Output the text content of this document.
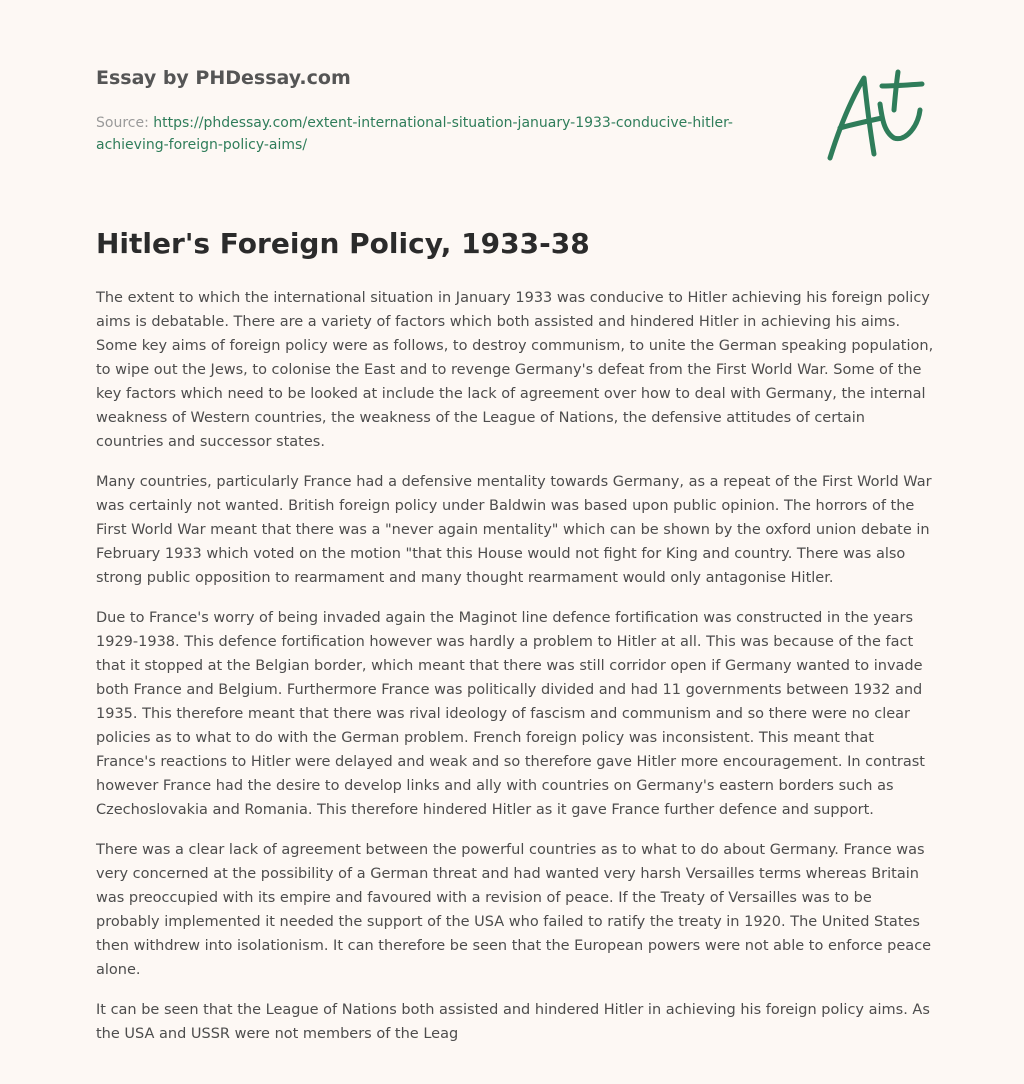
Essay by PHDessay.com
Source: https://phdessay.com/extent-international-situation-january-1933-conducive-hitler-achieving-foreign-policy-aims/
Hitler's Foreign Policy, 1933-38

The extent to which the international situation in January 1933 was conducive to Hitler achieving his foreign policy aims is debatable. There are a variety of factors which both assisted and hindered Hitler in achieving his aims. Some key aims of foreign policy were as follows, to destroy communism, to unite the German speaking population, to wipe out the Jews, to colonise the East and to revenge Germany's defeat from the First World War. Some of the key factors which need to be looked at include the lack of agreement over how to deal with Germany, the internal weakness of Western countries, the weakness of the League of Nations, the defensive attitudes of certain countries and successor states.

Many countries, particularly France had a defensive mentality towards Germany, as a repeat of the First World War was certainly not wanted. British foreign policy under Baldwin was based upon public opinion. The horrors of the First World War meant that there was a "never again mentality" which can be shown by the oxford union debate in February 1933 which voted on the motion "that this House would not fight for King and country. There was also strong public opposition to rearmament and many thought rearmament would only antagonise Hitler.

Due to France's worry of being invaded again the Maginot line defence fortification was constructed in the years 1929-1938. This defence fortification however was hardly a problem to Hitler at all. This was because of the fact that it stopped at the Belgian border, which meant that there was still corridor open if Germany wanted to invade both France and Belgium. Furthermore France was politically divided and had 11 governments between 1932 and 1935. This therefore meant that there was rival ideology of fascism and communism and so there were no clear policies as to what to do with the German problem. French foreign policy was inconsistent. This meant that France's reactions to Hitler were delayed and weak and so therefore gave Hitler more encouragement. In contrast however France had the desire to develop links and ally with countries on Germany's eastern borders such as Czechoslovakia and Romania. This therefore hindered Hitler as it gave France further defence and support.

There was a clear lack of agreement between the powerful countries as to what to do about Germany. France was very concerned at the possibility of a German threat and had wanted very harsh Versailles terms whereas Britain was preoccupied with its empire and favoured with a revision of peace. If the Treaty of Versailles was to be probably implemented it needed the support of the USA who failed to ratify the treaty in 1920. The United States then withdrew into isolationism. It can therefore be seen that the European powers were not able to enforce peace alone.

It can be seen that the League of Nations both assisted and hindered Hitler in achieving his foreign policy aims. As the USA and USSR were not members of the Leag
